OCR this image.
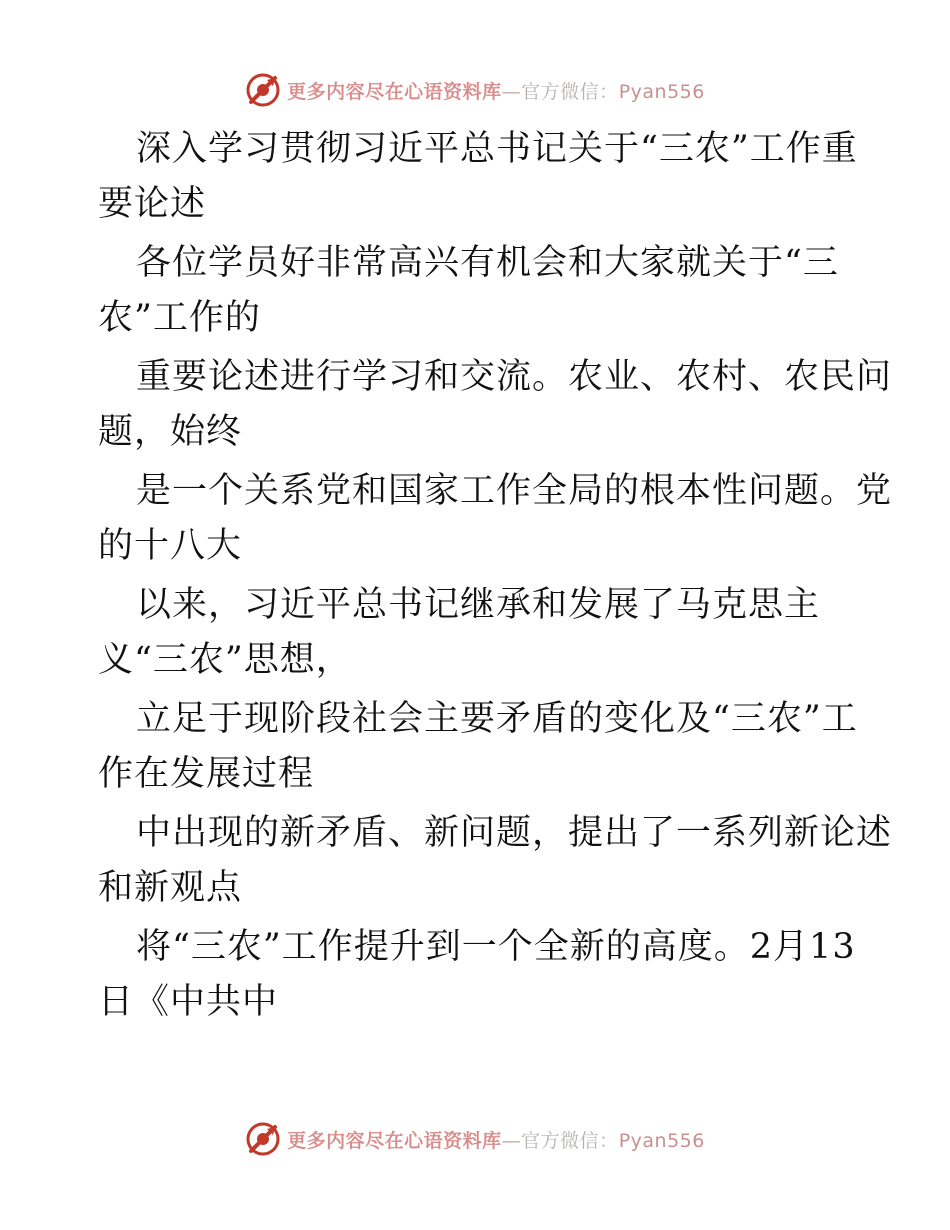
更多内容尽在心语资料库—官方微信：Pyan556

深入学习贯彻习近平总书记关于“三农”工作重
要论述

各位学员好非常高兴有机会和大家就关于“三
农”工作的

重要论述进行学习和交流。农业、农村、农民问
题，始终

是一个关系党和国家工作全局的根本性问题。党
的十八大

以来，习近平总书记继承和发展了马克思主
义“三农”思想，

立足于现阶段社会主要矛盾的变化及“三农”工
作在发展过程

中出现的新矛盾、新问题，提出了一系列新论述
和新观点

将“三农”工作提升到一个全新的高度。2月13
日《中共中

更多内容尽在心语资料库—官方微信：Pyan556
